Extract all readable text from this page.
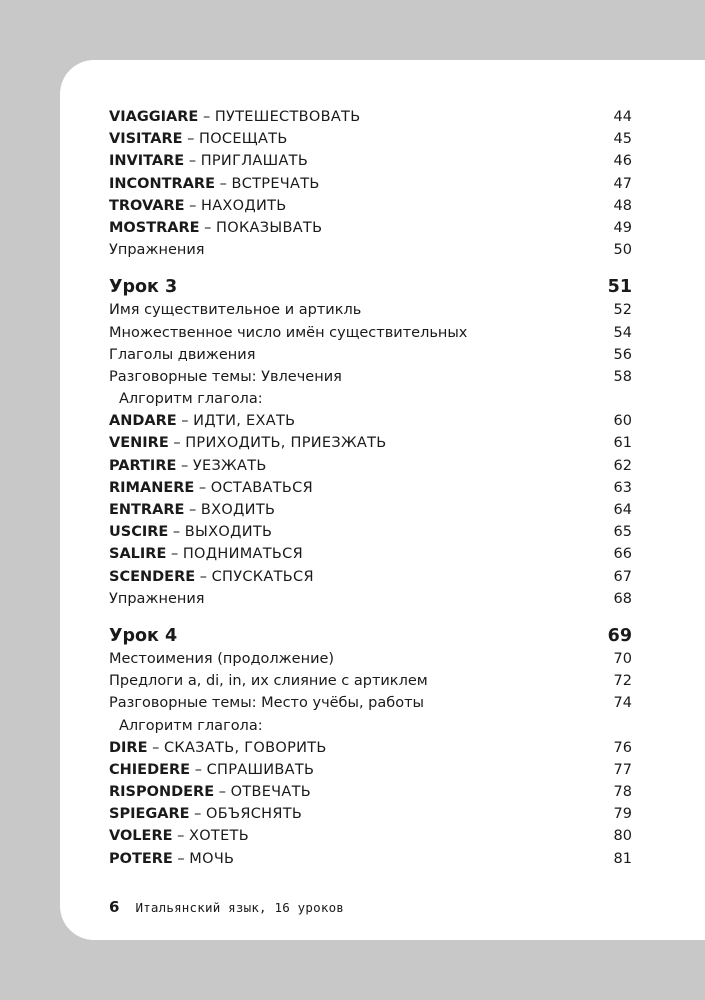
VIAGGIARE – ПУТЕШЕСТВОВАТЬ	44
VISITARE – ПОСЕЩАТЬ	45
INVITARE – ПРИГЛАШАТЬ	46
INCONTRARE – ВСТРЕЧАТЬ	47
TROVARE – НАХОДИТЬ	48
MOSTRARE – ПОКАЗЫВАТЬ	49
Упражнения	50
Урок 3	51
Имя существительное и артикль	52
Множественное число имён существительных	54
Глаголы движения	56
Разговорные темы: Увлечения	58
Алгоритм глагола:
ANDARE – ИДТИ, ЕХАТЬ	60
VENIRE – ПРИХОДИТЬ, ПРИЕЗЖАТЬ	61
PARTIRE – УЕЗЖАТЬ	62
RIMANERE – ОСТАВАТЬСЯ	63
ENTRARE – ВХОДИТЬ	64
USCIRE – ВЫХОДИТЬ	65
SALIRE – ПОДНИМАТЬСЯ	66
SCENDERE – СПУСКАТЬСЯ	67
Упражнения	68
Урок 4	69
Местоимения (продолжение)	70
Предлоги a, di, in, их слияние с артиклем	72
Разговорные темы: Место учёбы, работы	74
Алгоритм глагола:
DIRE – СКАЗАТЬ, ГОВОРИТЬ	76
CHIEDERE – СПРАШИВАТЬ	77
RISPONDERE – ОТВЕЧАТЬ	78
SPIEGARE – ОБЪЯСНЯТЬ	79
VOLERE – ХОТЕТЬ	80
POTERE – МОЧЬ	81
6 Итальянский язык, 16 уроков
